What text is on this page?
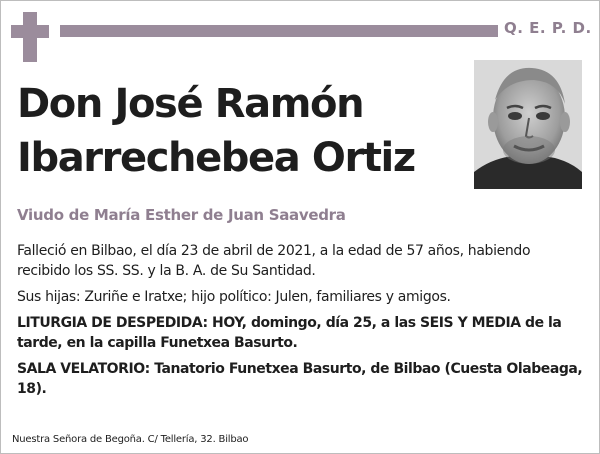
Q. E. P. D.
Don José Ramón
Ibarrechebea Ortiz
Viudo de María Esther de Juan Saavedra

Falleció en Bilbao, el día 23 de abril de 2021, a la edad de 57 años, habiendo recibido los SS. SS. y la B. A. de Su Santidad.

Sus hijas: Zuriñe e Iratxe; hijo político: Julen, familiares y amigos.

LITURGIA DE DESPEDIDA: HOY, domingo, día 25, a las SEIS Y MEDIA de la tarde, en la capilla Funetxea Basurto.

SALA VELATORIO: Tanatorio Funetxea Basurto, de Bilbao (Cuesta Olabeaga, 18).

Nuestra Señora de Begoña. C/ Tellería, 32. Bilbao
